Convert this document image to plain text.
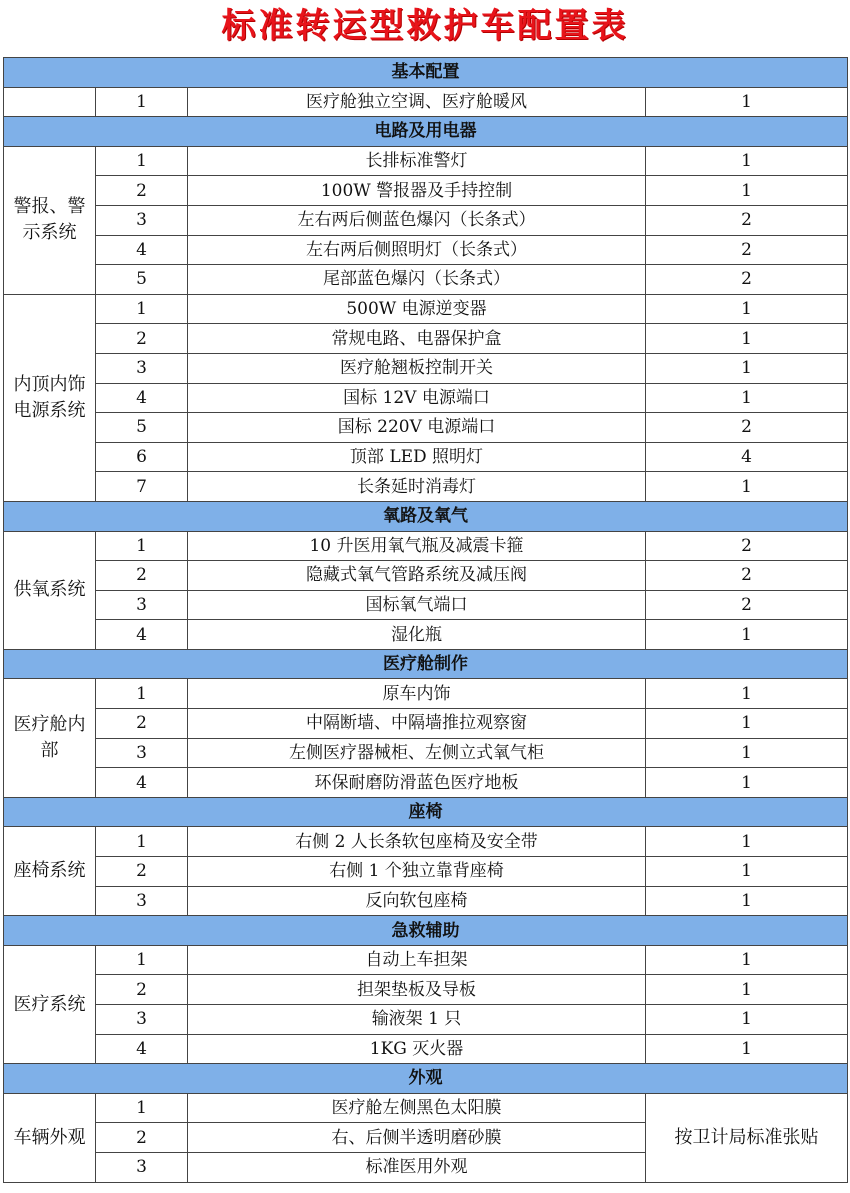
标准转运型救护车配置表
基本配置			
	1	医疗舱独立空调、医疗舱暖风	1
电路及用电器			
警报、警示系统	1	长排标准警灯	1
	2	100W 警报器及手持控制	1
	3	左右两后侧蓝色爆闪（长条式）	2
	4	左右两后侧照明灯（长条式）	2
	5	尾部蓝色爆闪（长条式）	2
内顶内饰电源系统	1	500W 电源逆变器	1
	2	常规电路、电器保护盒	1
	3	医疗舱翘板控制开关	1
	4	国标 12V 电源端口	1
	5	国标 220V 电源端口	2
	6	顶部 LED 照明灯	4
	7	长条延时消毒灯	1
氧路及氧气			
供氧系统	1	10 升医用氧气瓶及减震卡箍	2
	2	隐藏式氧气管路系统及减压阀	2
	3	国标氧气端口	2
	4	湿化瓶	1
医疗舱制作			
医疗舱内部	1	原车内饰	1
	2	中隔断墙、中隔墙推拉观察窗	1
	3	左侧医疗器械柜、左侧立式氧气柜	1
	4	环保耐磨防滑蓝色医疗地板	1
座椅			
座椅系统	1	右侧 2 人长条软包座椅及安全带	1
	2	右侧 1 个独立靠背座椅	1
	3	反向软包座椅	1
急救辅助			
医疗系统	1	自动上车担架	1
	2	担架垫板及导板	1
	3	输液架 1 只	1
	4	1KG 灭火器	1
外观			
车辆外观	1	医疗舱左侧黑色太阳膜	按卫计局标准张贴
	2	右、后侧半透明磨砂膜	
	3	标准医用外观	
